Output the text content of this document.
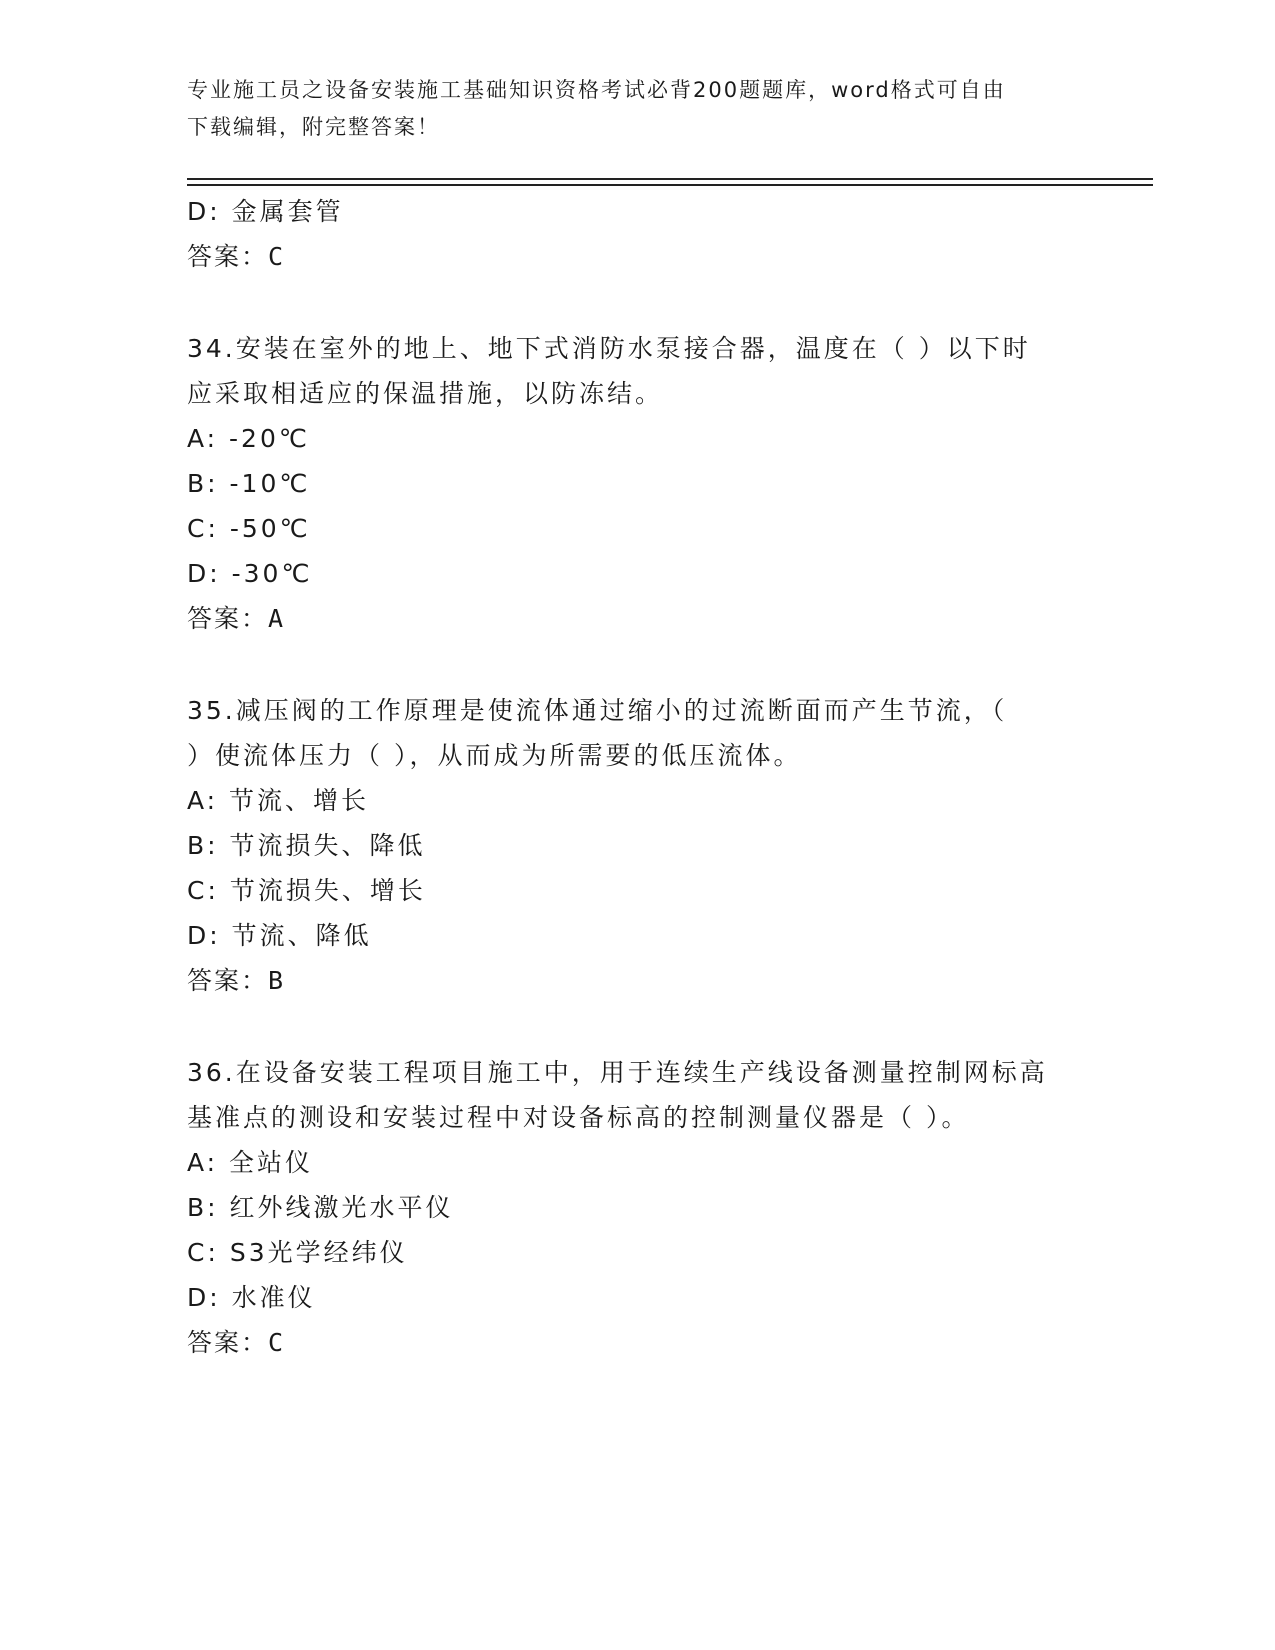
专业施工员之设备安装施工基础知识资格考试必背200题题库，word格式可自由
下载编辑，附完整答案！
D: 金属套管
答案：C
34.安装在室外的地上、地下式消防水泵接合器，温度在（ ）以下时
应采取相适应的保温措施，以防冻结。
A: -20℃
B: -10℃
C: -50℃
D: -30℃
答案：A
35.减压阀的工作原理是使流体通过缩小的过流断面而产生节流，（
）使流体压力（ ），从而成为所需要的低压流体。
A: 节流、增长
B: 节流损失、降低
C: 节流损失、增长
D: 节流、降低
答案：B
36.在设备安装工程项目施工中，用于连续生产线设备测量控制网标高
基准点的测设和安装过程中对设备标高的控制测量仪器是（ ）。
A: 全站仪
B: 红外线激光水平仪
C: S3光学经纬仪
D: 水准仪
答案：C
